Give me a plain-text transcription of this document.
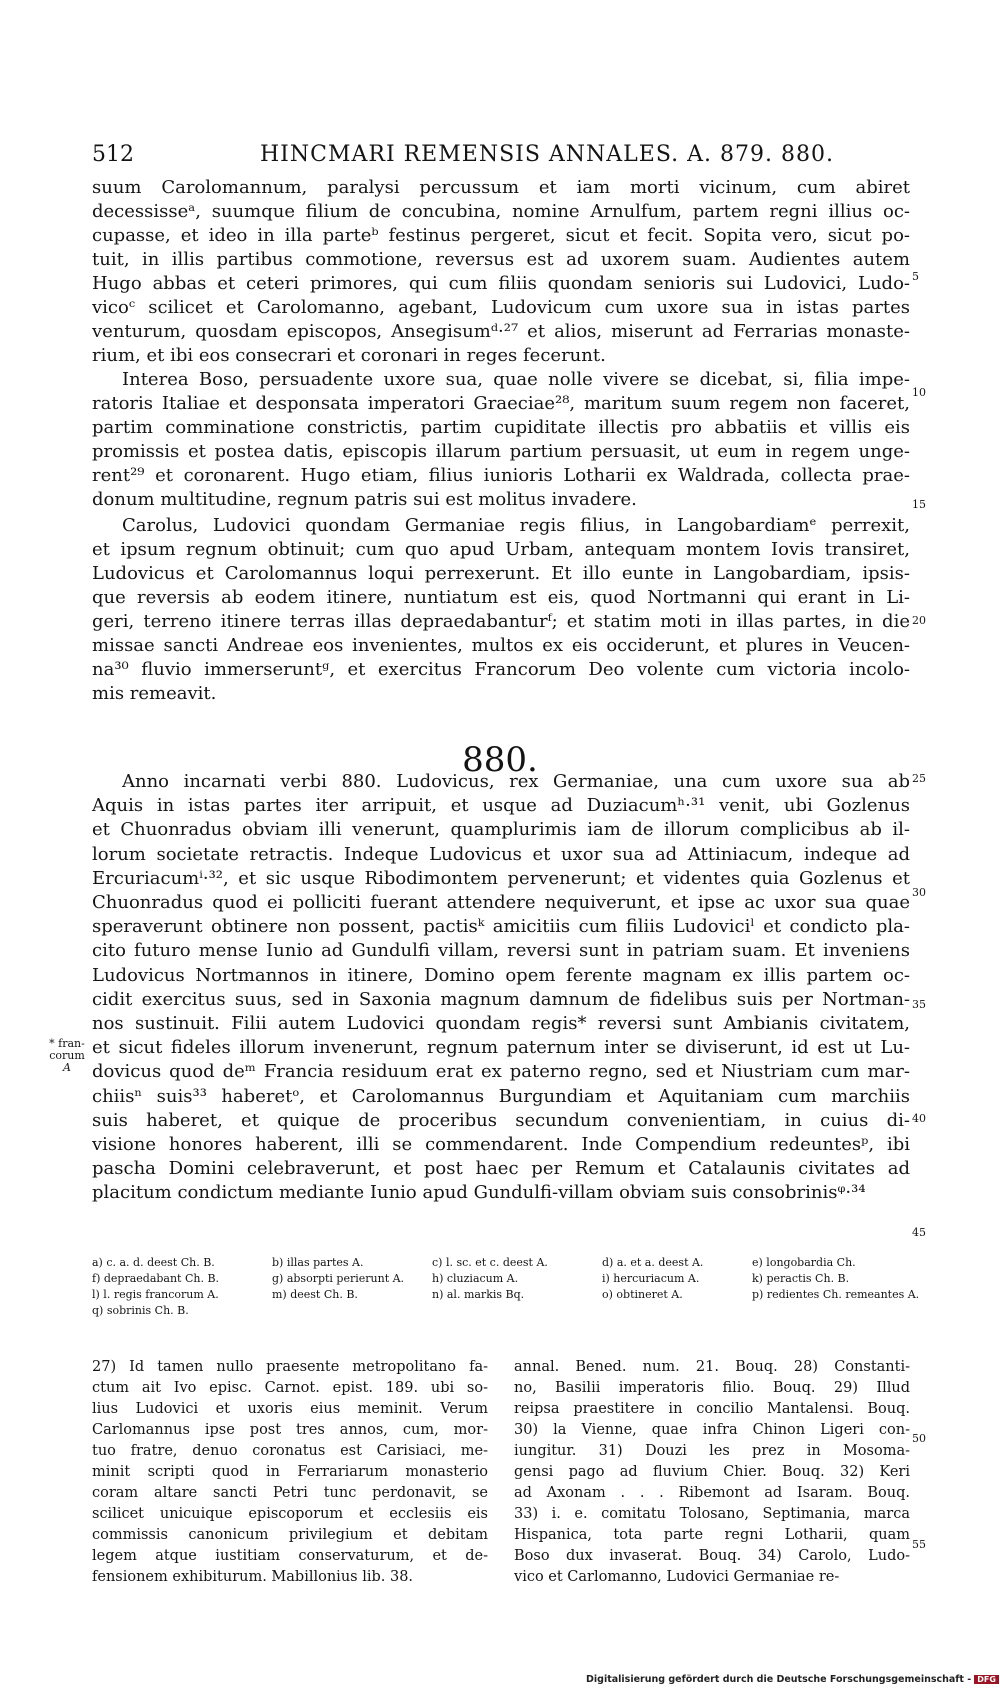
512	HINCMARI REMENSIS ANNALES. A. 879. 880.
suum Carolomannum, paralysi percussum et iam morti vicinum, cum abiret
decessisseᵃ, suumque filium de concubina, nomine Arnulfum, partem regni illius oc-
cupasse, et ideo in illa parteᵇ festinus pergeret, sicut et fecit. Sopita vero, sicut po-
tuit, in illis partibus commotione, reversus est ad uxorem suam. Audientes autem
Hugo abbas et ceteri primores, qui cum filiis quondam senioris sui Ludovici, Ludo-
vicoᶜ scilicet et Carolomanno, agebant, Ludovicum cum uxore sua in istas partes
venturum, quosdam episcopos, Ansegisumᵈ·²⁷ et alios, miserunt ad Ferrarias monaste-
rium, et ibi eos consecrari et coronari in reges fecerunt.
Interea Boso, persuadente uxore sua, quae nolle vivere se dicebat, si, filia impe-
ratoris Italiae et desponsata imperatori Graeciae²⁸, maritum suum regem non faceret,
partim comminatione constrictis, partim cupiditate illectis pro abbatiis et villis eis
promissis et postea datis, episcopis illarum partium persuasit, ut eum in regem unge-
rent²⁹ et coronarent. Hugo etiam, filius iunioris Lotharii ex Waldrada, collecta prae-
donum multitudine, regnum patris sui est molitus invadere.
Carolus, Ludovici quondam Germaniae regis filius, in Langobardiamᵉ perrexit,
et ipsum regnum obtinuit; cum quo apud Urbam, antequam montem Iovis transiret,
Ludovicus et Carolomannus loqui perrexerunt. Et illo eunte in Langobardiam, ipsis-
que reversis ab eodem itinere, nuntiatum est eis, quod Nortmanni qui erant in Li-
geri, terreno itinere terras illas depraedabanturᶠ; et statim moti in illas partes, in die
missae sancti Andreae eos invenientes, multos ex eis occiderunt, et plures in Veucen-
na³⁰ fluvio immerseruntᵍ, et exercitus Francorum Deo volente cum victoria incolo-
mis remeavit.
Anno incarnati verbi 880. Ludovicus, rex Germaniae, una cum uxore sua ab
Aquis in istas partes iter arripuit, et usque ad Duziacumʰ·³¹ venit, ubi Gozlenus
et Chuonradus obviam illi venerunt, quamplurimis iam de illorum complicibus ab il-
lorum societate retractis. Indeque Ludovicus et uxor sua ad Attiniacum, indeque ad
Ercuriacumⁱ·³², et sic usque Ribodimontem pervenerunt; et videntes quia Gozlenus et
Chuonradus quod ei polliciti fuerant attendere nequiverunt, et ipse ac uxor sua quae
speraverunt obtinere non possent, pactisᵏ amicitiis cum filiis Ludoviciˡ et condicto pla-
cito futuro mense Iunio ad Gundulfi villam, reversi sunt in patriam suam. Et inveniens
Ludovicus Nortmannos in itinere, Domino opem ferente magnam ex illis partem oc-
cidit exercitus suus, sed in Saxonia magnum damnum de fidelibus suis per Nortman-
nos sustinuit. Filii autem Ludovici quondam regis* reversi sunt Ambianis civitatem,
et sicut fideles illorum invenerunt, regnum paternum inter se diviserunt, id est ut Lu-
dovicus quod deᵐ Francia residuum erat ex paterno regno, sed et Niustriam cum mar-
chiisⁿ suis³³ haberetᵒ, et Carolomannus Burgundiam et Aquitaniam cum marchiis
suis haberet, et quique de proceribus secundum convenientiam, in cuius di-
visione honores haberent, illi se commendarent. Inde Compendium redeuntesᵖ, ibi
pascha Domini celebraverunt, et post haec per Remum et Catalaunis civitates ad
placitum condictum mediante Iunio apud Gundulfi-villam obviam suis consobrinisᵠ·³⁴
880.
* fran-
corum
A
5
10
15
20
25
30
35
40
45
50
55
a) c. a. d. deest Ch. B.	b) illas partes A.	c) l. sc. et c. deest A.	d) a. et a. deest A.	e) longobardia Ch.
f) depraedabant Ch. B.	g) absorpti perierunt A.	h) cluziacum A.	i) hercuriacum A.	k) peractis Ch. B.
l) l. regis francorum A.	m) deest Ch. B.	n) al. markis Bq.	o) obtineret A.	p) redientes Ch. remeantes A.
q) sobrinis Ch. B.
27) Id tamen nullo praesente metropolitano fa-
ctum ait Ivo episc. Carnot. epist. 189. ubi so-
lius Ludovici et uxoris eius meminit. Verum
Carlomannus ipse post tres annos, cum, mor-
tuo fratre, denuo coronatus est Carisiaci, me-
minit scripti quod in Ferrariarum monasterio
coram altare sancti Petri tunc perdonavit, se
scilicet unicuique episcoporum et ecclesiis eis
commissis canonicum privilegium et debitam
legem atque iustitiam conservaturum, et de-
fensionem exhibiturum. Mabillonius lib. 38.
annal. Bened. num. 21. Bouq. 28) Constanti-
no, Basilii imperatoris filio. Bouq. 29) Illud
reipsa praestitere in concilio Mantalensi. Bouq.
30) la Vienne, quae infra Chinon Ligeri con-
iungitur. 31) Douzi les prez in Mosoma-
gensi pago ad fluvium Chier. Bouq. 32) Keri
ad Axonam . . . Ribemont ad Isaram. Bouq.
33) i. e. comitatu Tolosano, Septimania, marca
Hispanica, tota parte regni Lotharii, quam
Boso dux invaserat. Bouq. 34) Carolo, Ludo-
vico et Carlomanno, Ludovici Germaniae re-
Digitalisierung gefördert durch die Deutsche Forschungsgemeinschaft - DFG
